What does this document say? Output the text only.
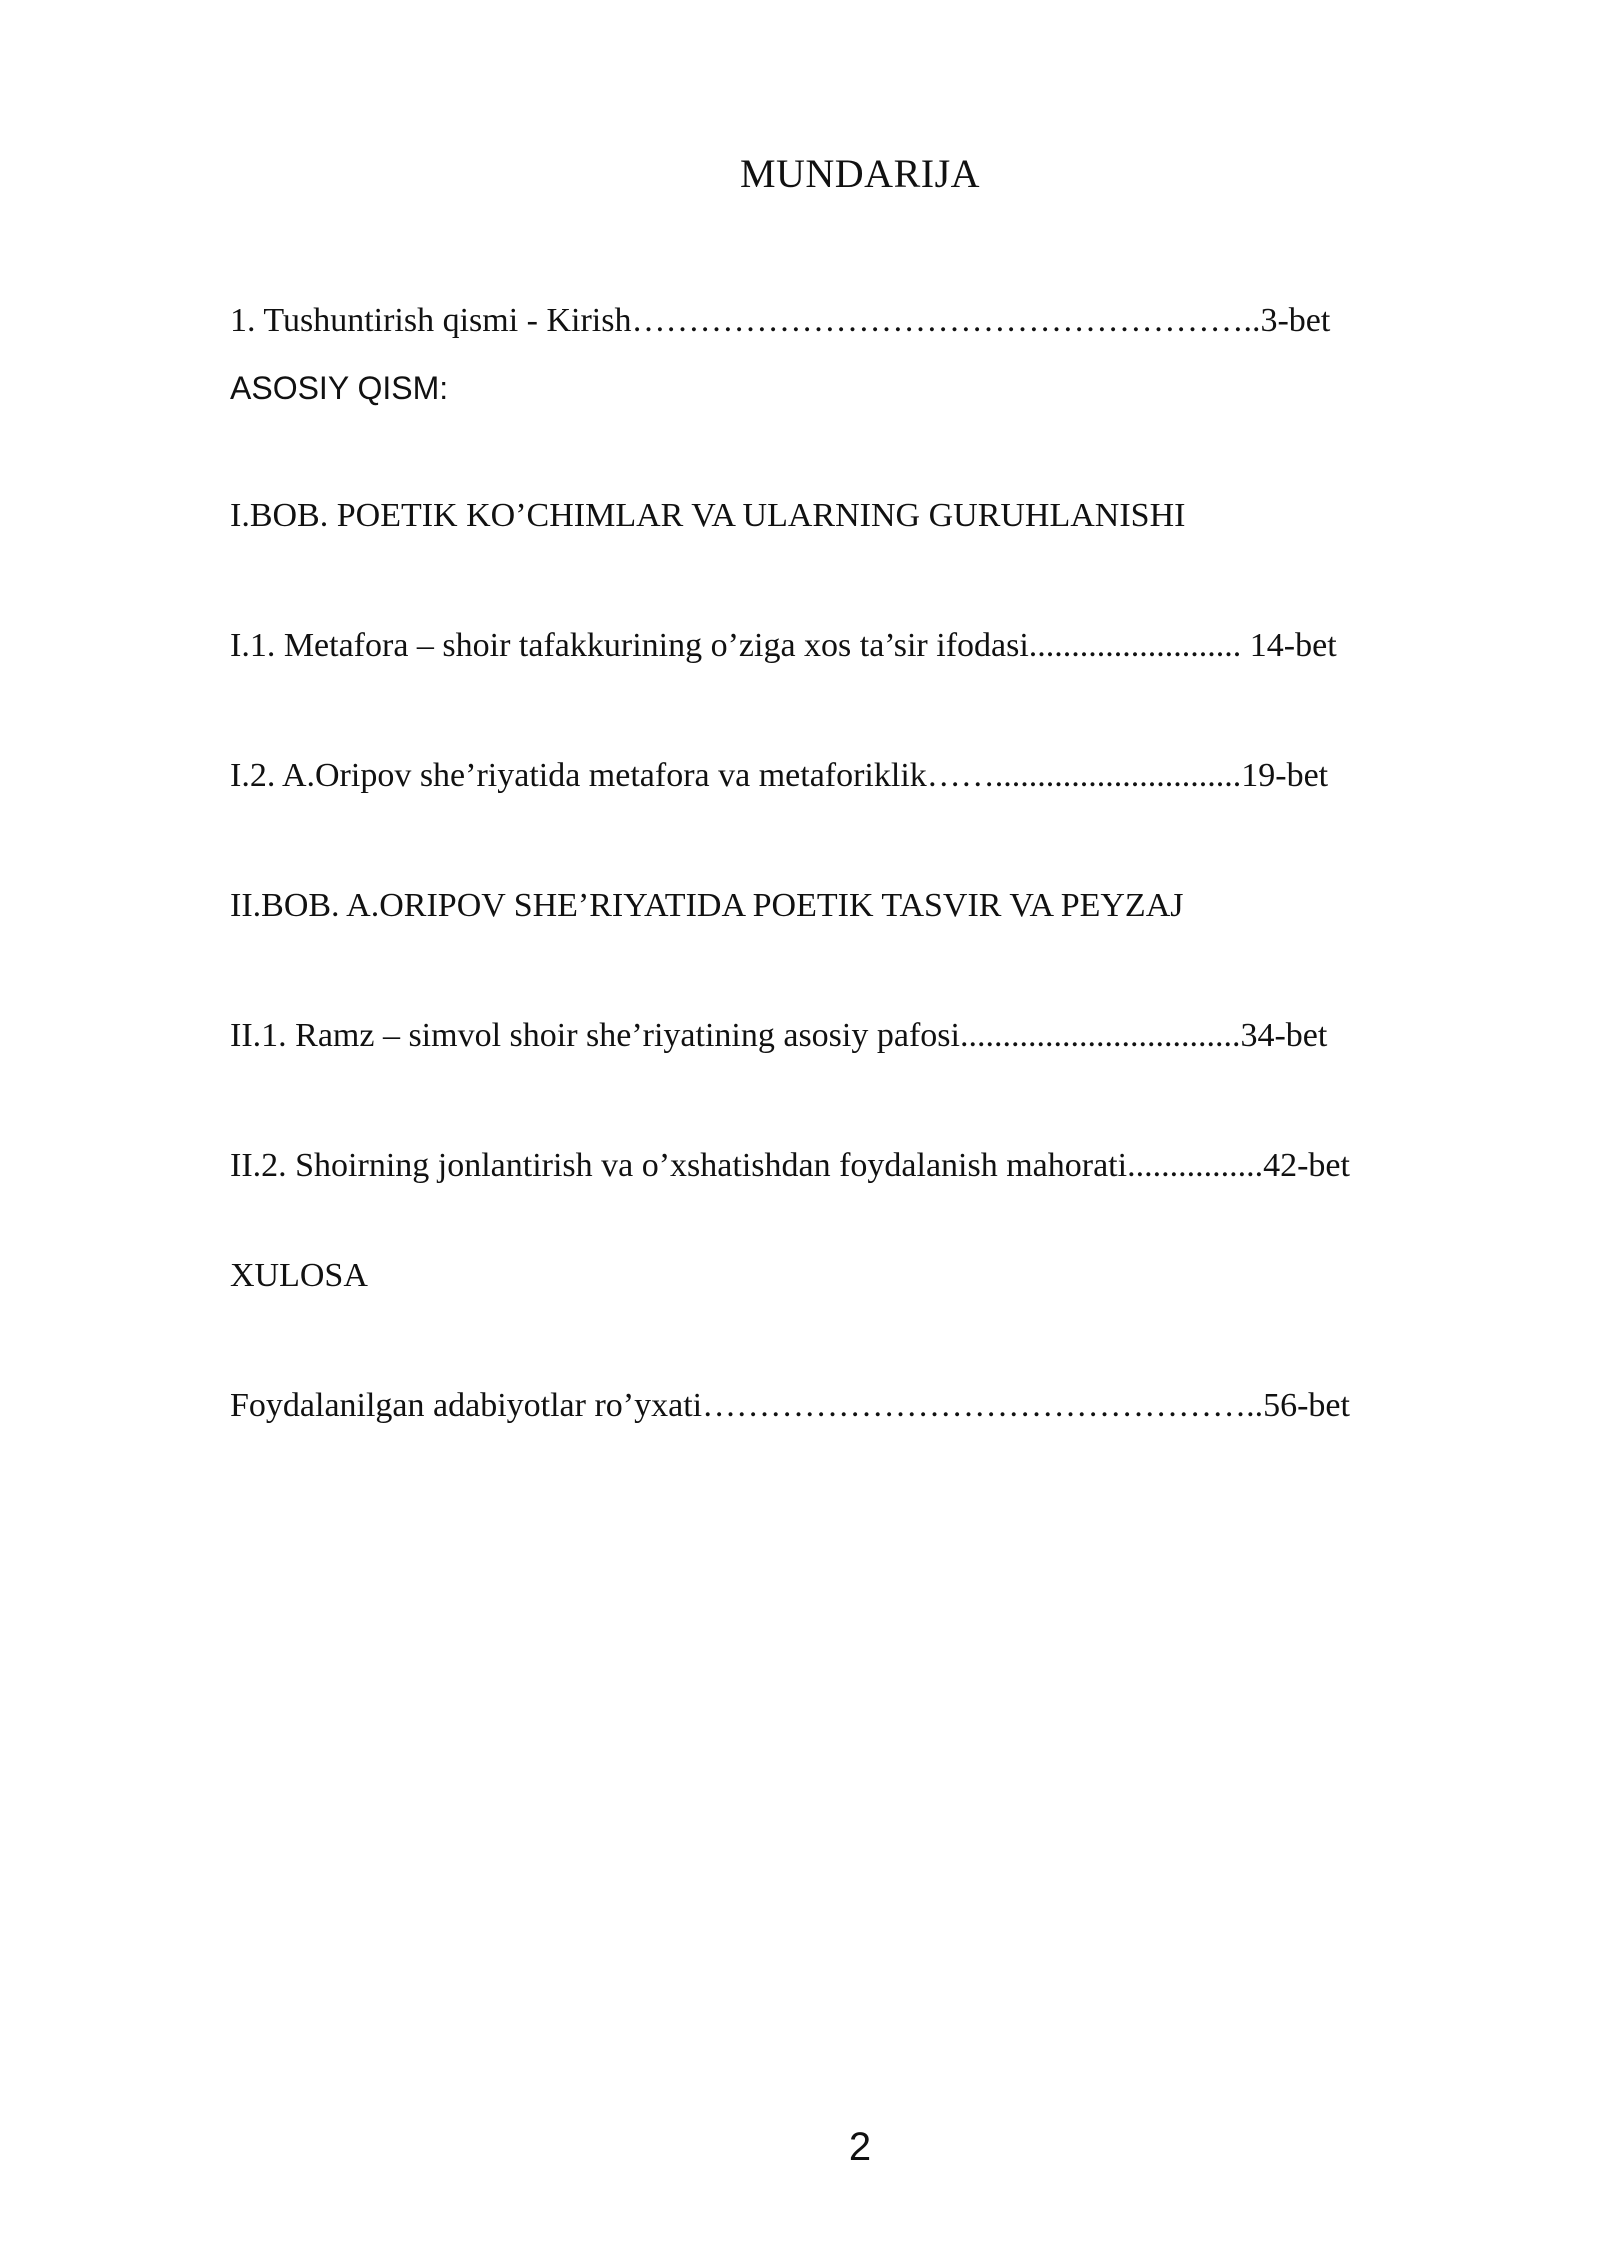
MUNDARIJA
1. Tushuntirish qismi - Kirish………………………………………………..3-bet
ASOSIY QISM:
I.BOB. POETIK KO’CHIMLAR VA ULARNING GURUHLANISHI
I.1. Metafora – shoir tafakkurining o’ziga xos ta’sir ifodasi......................... 14-bet
I.2. A.Oripov she’riyatida metafora va metaforiklik…….............................19-bet
II.BOB. A.ORIPOV SHE’RIYATIDA POETIK TASVIR VA PEYZAJ
II.1. Ramz – simvol shoir she’riyatining asosiy pafosi.................................34-bet
II.2. Shoirning jonlantirish va o’xshatishdan foydalanish mahorati................42-bet
XULOSA
Foydalanilgan adabiyotlar ro’yxati…………………………………………..56-bet
2
